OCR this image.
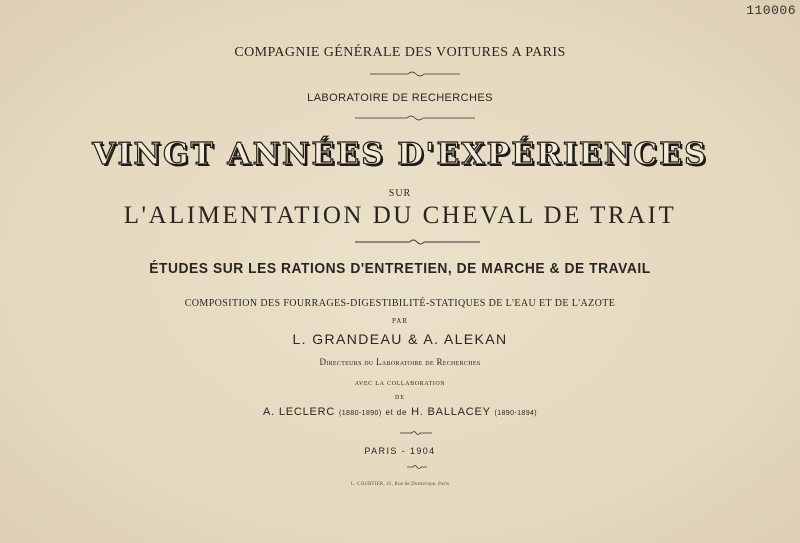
110006
COMPAGNIE GÉNÉRALE DES VOITURES A PARIS
LABORATOIRE DE RECHERCHES
VINGT ANNÉES D'EXPÉRIENCES
SUR
L'ALIMENTATION DU CHEVAL DE TRAIT
ÉTUDES SUR LES RATIONS D'ENTRETIEN, DE MARCHE & DE TRAVAIL
COMPOSITION DES FOURRAGES-DIGESTIBILITÉ-STATIQUES DE L'EAU ET DE L'AZOTE
PAR
L. GRANDEAU & A. ALEKAN
Directeurs du Laboratoire de Recherches
avec la collaboration
DE
A. LECLERC (1880-1890) et de H. BALLACEY (1890-1894)
PARIS - 1904
L. COURTIER, 43, Rue de Dunkerque, Paris
